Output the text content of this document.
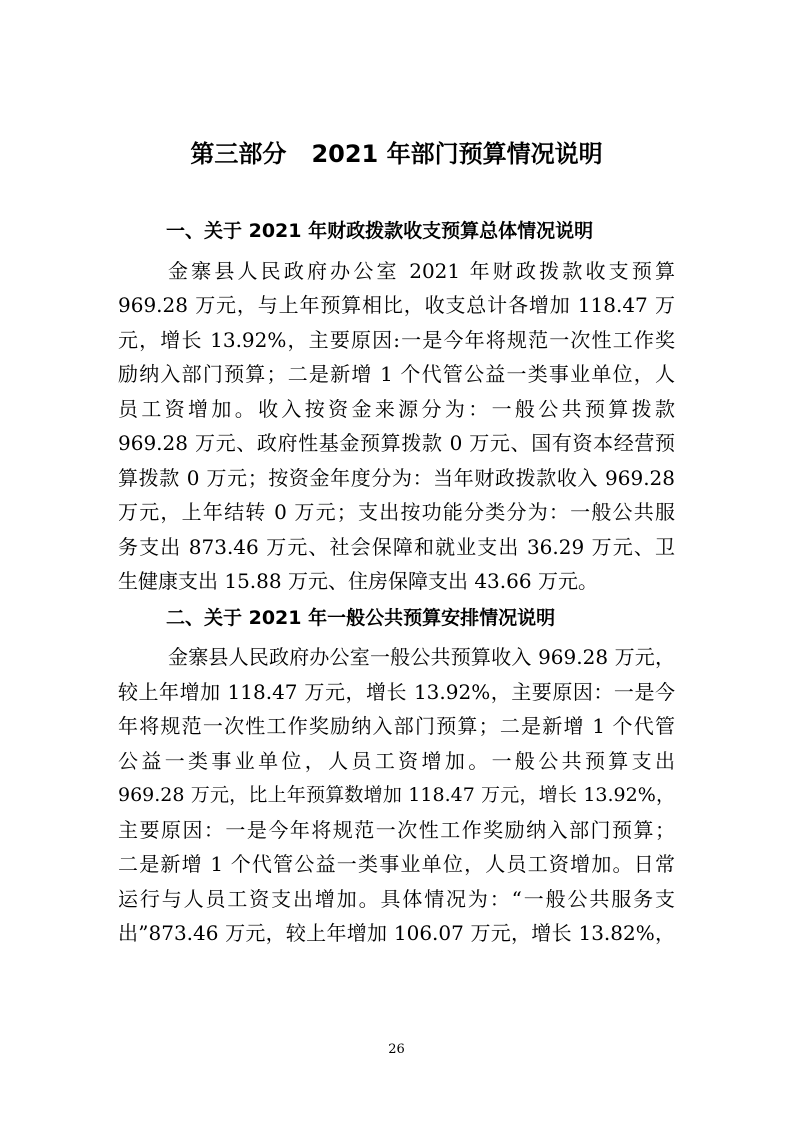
第三部分   2021 年部门预算情况说明
一、关于 2021 年财政拨款收支预算总体情况说明
金寨县人民政府办公室 2021 年财政拨款收支预算
969.28 万元，与上年预算相比，收支总计各增加 118.47 万
元，增长 13.92%，主要原因:一是今年将规范一次性工作奖
励纳入部门预算；二是新增 1 个代管公益一类事业单位，人
员工资增加。收入按资金来源分为：一般公共预算拨款
969.28 万元、政府性基金预算拨款 0 万元、国有资本经营预
算拨款 0 万元；按资金年度分为：当年财政拨款收入 969.28
万元，上年结转 0 万元；支出按功能分类分为：一般公共服
务支出 873.46 万元、社会保障和就业支出 36.29 万元、卫
生健康支出 15.88 万元、住房保障支出 43.66 万元。
二、关于 2021 年一般公共预算安排情况说明
金寨县人民政府办公室一般公共预算收入 969.28 万元，
较上年增加 118.47 万元，增长 13.92%，主要原因：一是今
年将规范一次性工作奖励纳入部门预算；二是新增 1 个代管
公益一类事业单位，人员工资增加。一般公共预算支出
969.28 万元，比上年预算数增加 118.47 万元，增长 13.92%，
主要原因：一是今年将规范一次性工作奖励纳入部门预算；
二是新增 1 个代管公益一类事业单位，人员工资增加。日常
运行与人员工资支出增加。具体情况为：“一般公共服务支
出”873.46 万元，较上年增加 106.07 万元，增长 13.82%，
26
